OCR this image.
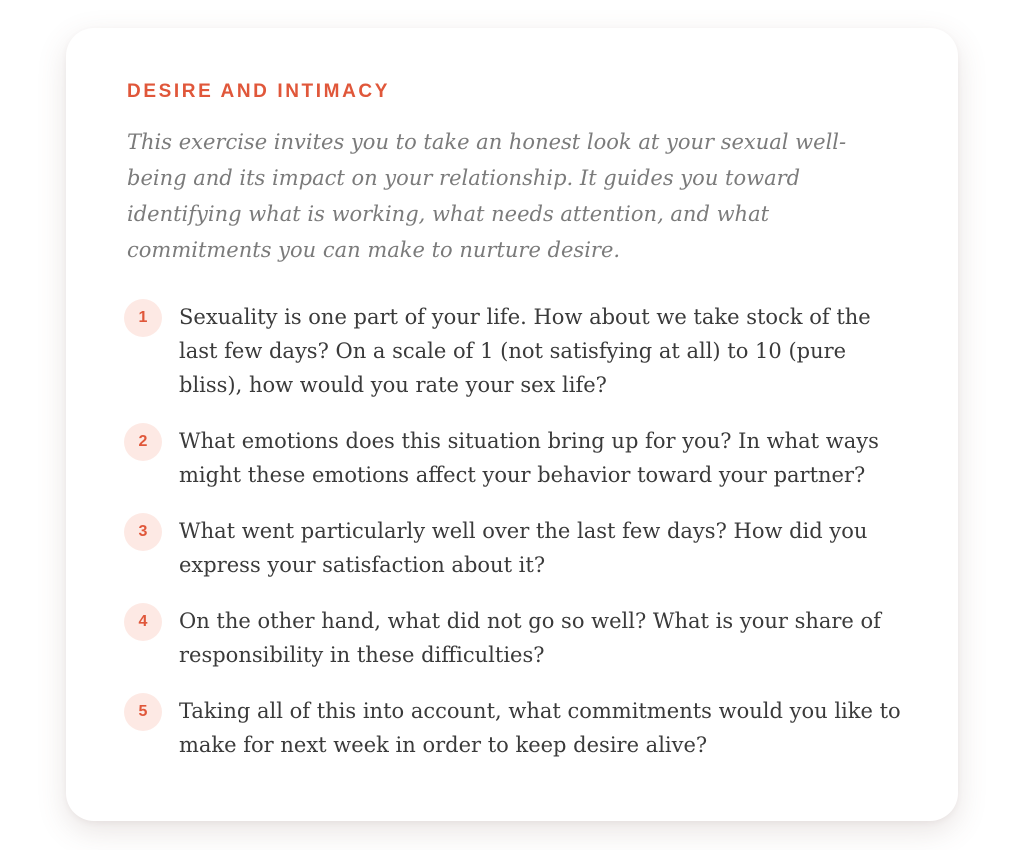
DESIRE AND INTIMACY

This exercise invites you to take an honest look at your sexual well-being and its impact on your relationship. It guides you toward identifying what is working, what needs attention, and what commitments you can make to nurture desire.

1	Sexuality is one part of your life. How about we take stock of the last few days? On a scale of 1 (not satisfying at all) to 10 (pure bliss), how would you rate your sex life?
2	What emotions does this situation bring up for you? In what ways might these emotions affect your behavior toward your partner?
3	What went particularly well over the last few days? How did you express your satisfaction about it?
4	On the other hand, what did not go so well? What is your share of responsibility in these difficulties?
5	Taking all of this into account, what commitments would you like to make for next week in order to keep desire alive?
